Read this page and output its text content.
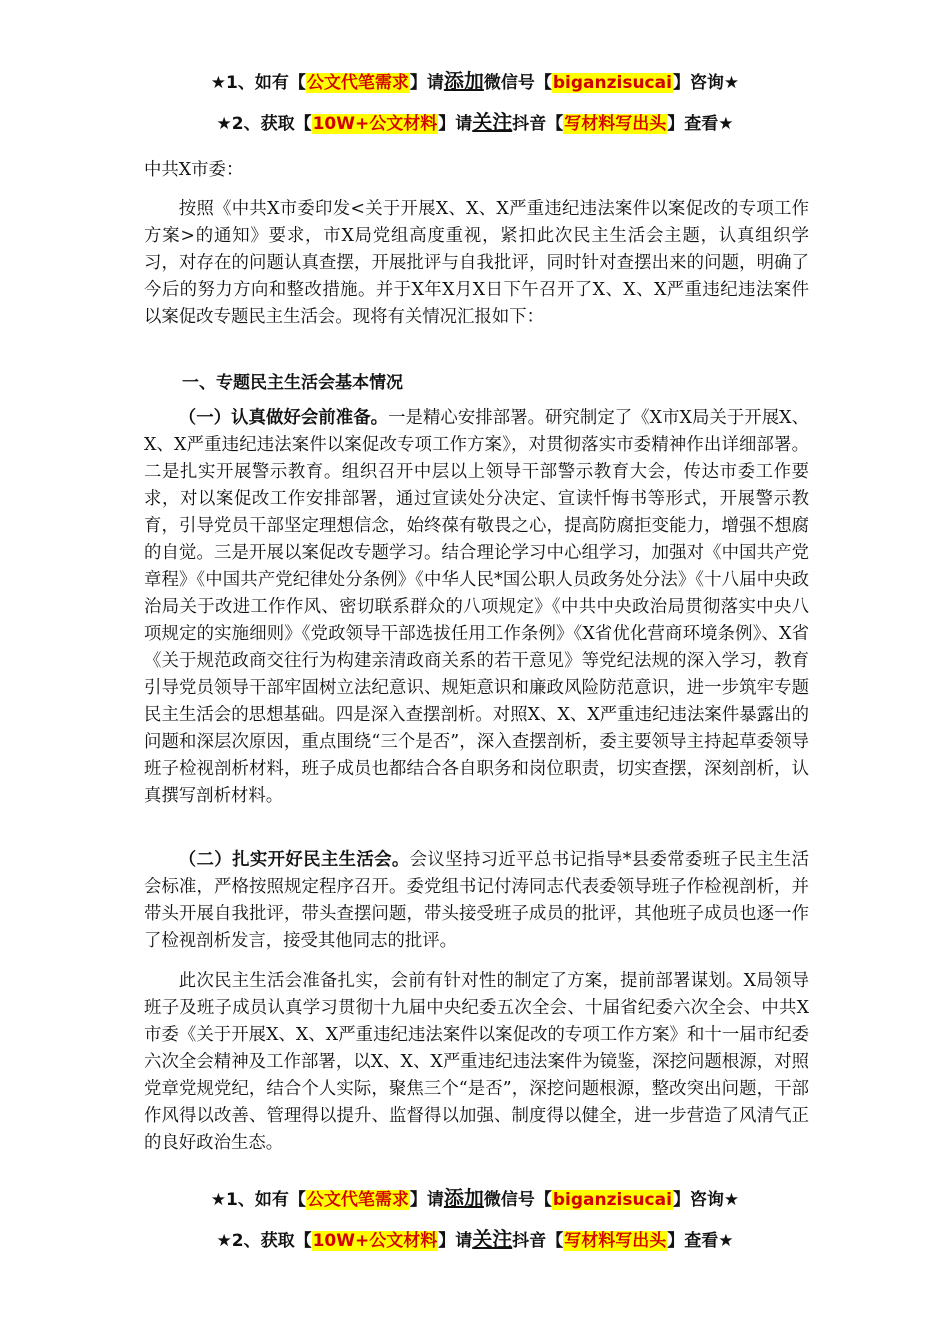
★1、如有【公文代笔需求】请添加微信号【biganzisucai】咨询★
★2、获取【10W+公文材料】请关注抖音【写材料写出头】查看★

中共X市委：

按照《中共X市委印发<关于开展X、X、X严重违纪违法案件以案促改的专项工作方案>的通知》要求，市X局党组高度重视，紧扣此次民主生活会主题，认真组织学习，对存在的问题认真查摆，开展批评与自我批评，同时针对查摆出来的问题，明确了今后的努力方向和整改措施。并于X年X月X日下午召开了X、X、X严重违纪违法案件以案促改专题民主生活会。现将有关情况汇报如下：

一、专题民主生活会基本情况

（一）认真做好会前准备。一是精心安排部署。研究制定了《X市X局关于开展X、X、X严重违纪违法案件以案促改专项工作方案》，对贯彻落实市委精神作出详细部署。二是扎实开展警示教育。组织召开中层以上领导干部警示教育大会，传达市委工作要求，对以案促改工作安排部署，通过宣读处分决定、宣读忏悔书等形式，开展警示教育，引导党员干部坚定理想信念，始终葆有敬畏之心，提高防腐拒变能力，增强不想腐的自觉。三是开展以案促改专题学习。结合理论学习中心组学习，加强对《中国共产党章程》《中国共产党纪律处分条例》《中华人民*国公职人员政务处分法》《十八届中央政治局关于改进工作作风、密切联系群众的八项规定》《中共中央政治局贯彻落实中央八项规定的实施细则》《党政领导干部选拔任用工作条例》《X省优化营商环境条例》、X省《关于规范政商交往行为构建亲清政商关系的若干意见》等党纪法规的深入学习，教育引导党员领导干部牢固树立法纪意识、规矩意识和廉政风险防范意识，进一步筑牢专题民主生活会的思想基础。四是深入查摆剖析。对照X、X、X严重违纪违法案件暴露出的问题和深层次原因，重点围绕“三个是否”，深入查摆剖析，委主要领导主持起草委领导班子检视剖析材料，班子成员也都结合各自职务和岗位职责，切实查摆，深刻剖析，认真撰写剖析材料。

（二）扎实开好民主生活会。会议坚持习近平总书记指导*县委常委班子民主生活会标准，严格按照规定程序召开。委党组书记付涛同志代表委领导班子作检视剖析，并带头开展自我批评，带头查摆问题，带头接受班子成员的批评，其他班子成员也逐一作了检视剖析发言，接受其他同志的批评。

此次民主生活会准备扎实，会前有针对性的制定了方案，提前部署谋划。X局领导班子及班子成员认真学习贯彻十九届中央纪委五次全会、十届省纪委六次全会、中共X市委《关于开展X、X、X严重违纪违法案件以案促改的专项工作方案》和十一届市纪委六次全会精神及工作部署，以X、X、X严重违纪违法案件为镜鉴，深挖问题根源，对照党章党规党纪，结合个人实际，聚焦三个“是否”，深挖问题根源，整改突出问题，干部作风得以改善、管理得以提升、监督得以加强、制度得以健全，进一步营造了风清气正的良好政治生态。

★1、如有【公文代笔需求】请添加微信号【biganzisucai】咨询★
★2、获取【10W+公文材料】请关注抖音【写材料写出头】查看★
